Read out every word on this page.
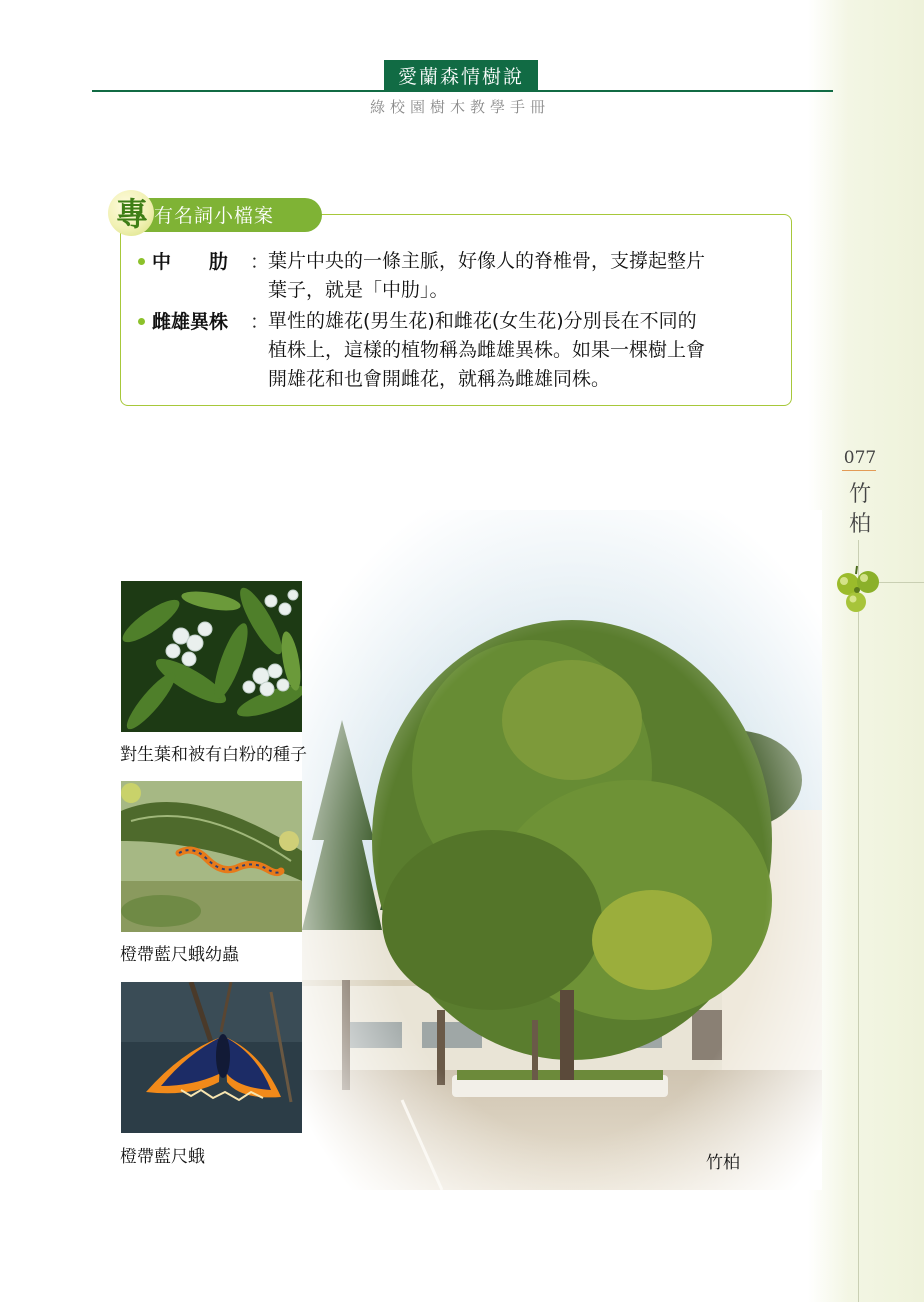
愛蘭森情樹說
綠校園樹木教學手冊
專 有名詞小檔案
中　　肋 ：
葉片中央的一條主脈，好像人的脊椎骨，支撐起整片
葉子，就是「中肋」。
雌雄異株 ：
單性的雄花(男生花)和雌花(女生花)分別長在不同的
植株上，這樣的植物稱為雌雄異株。如果一棵樹上會
開雄花和也會開雌花，就稱為雌雄同株。
077
竹柏
竹柏
對生葉和被有白粉的種子
橙帶藍尺蛾幼蟲
橙帶藍尺蛾
